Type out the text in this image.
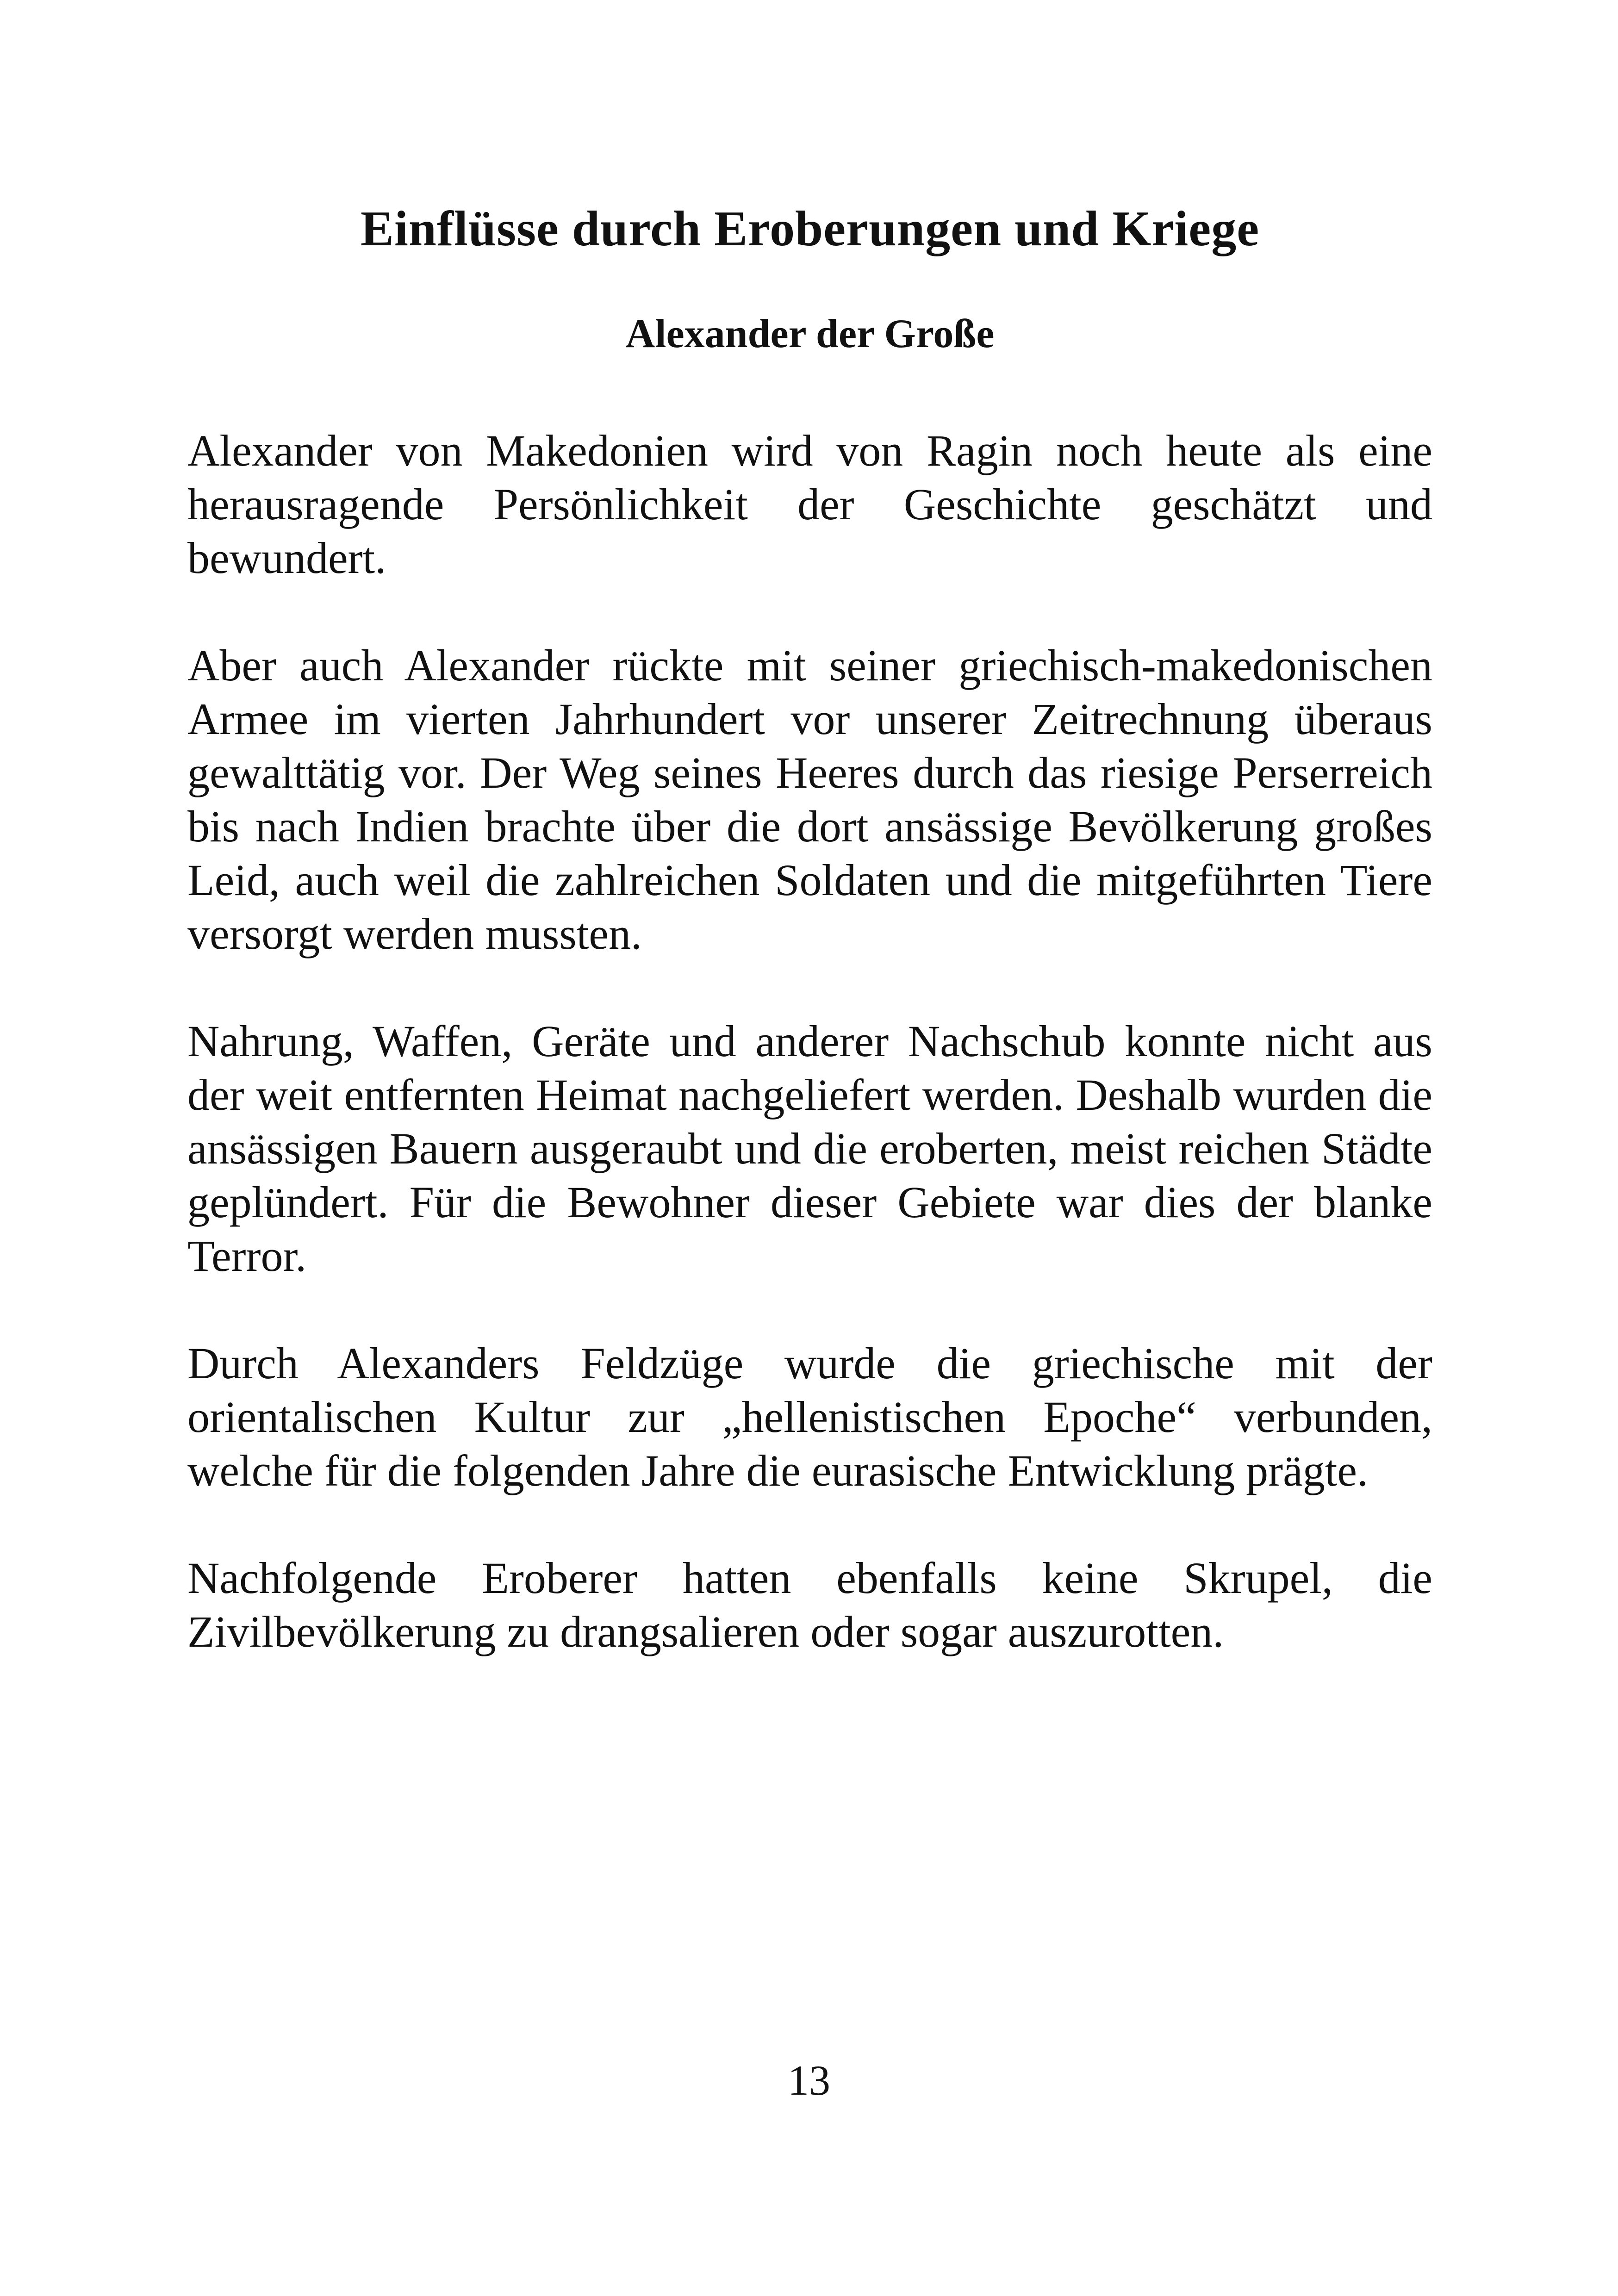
Einflüsse durch Eroberungen und Kriege
Alexander der Große

Alexander von Makedonien wird von Ragin noch heute als eine herausragende Persönlichkeit der Geschichte geschätzt und bewundert.

Aber auch Alexander rückte mit seiner griechisch-makedonischen Armee im vierten Jahrhundert vor unserer Zeitrechnung überaus gewalttätig vor. Der Weg seines Heeres durch das riesige Perserreich bis nach Indien brachte über die dort ansässige Bevölkerung großes Leid, auch weil die zahlreichen Soldaten und die mitgeführten Tiere versorgt werden mussten.

Nahrung, Waffen, Geräte und anderer Nachschub konnte nicht aus der weit entfernten Heimat nachgeliefert werden. Deshalb wurden die ansässigen Bauern ausgeraubt und die eroberten, meist reichen Städte geplündert. Für die Bewohner dieser Gebiete war dies der blanke Terror.

Durch Alexanders Feldzüge wurde die griechische mit der orientalischen Kultur zur „hellenistischen Epoche“ verbunden, welche für die folgenden Jahre die eurasische Entwicklung prägte.

Nachfolgende Eroberer hatten ebenfalls keine Skrupel, die Zivilbevölkerung zu drangsalieren oder sogar auszurotten.

13
